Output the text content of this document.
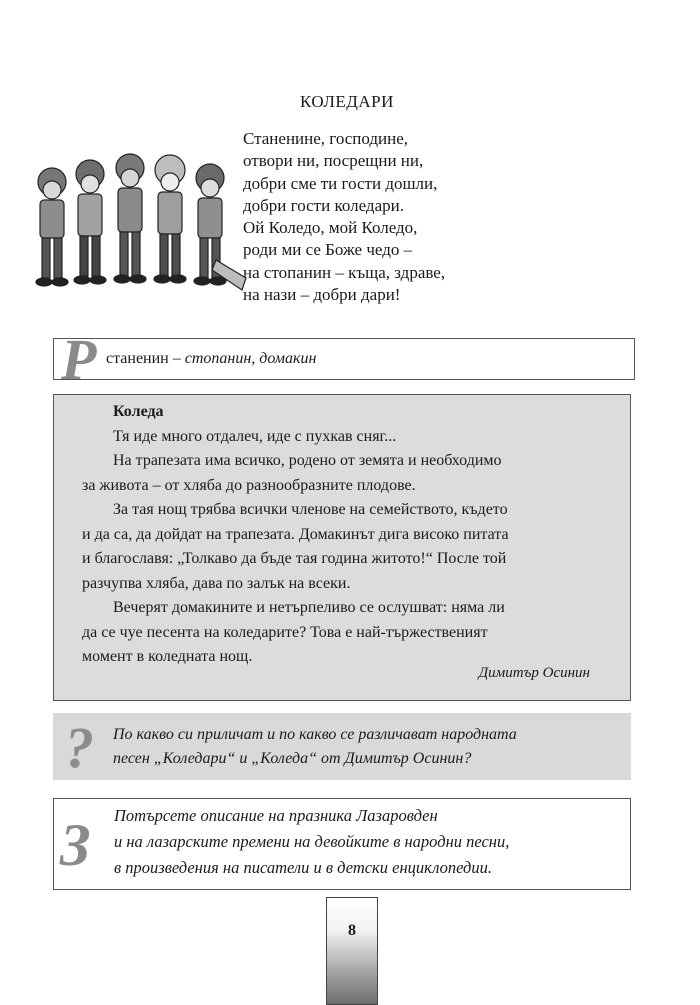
КОЛЕДАРИ
Станенине, господине,
отвори ни, посрещни ни,
добри сме ти гости дошли,
добри гости коледари.
Ой Коледо, мой Коледо,
роди ми се Боже чедо –
на стопанин – къща, здраве,
на нази – добри дари!
Р станенин – стопанин, домакин
Коледа
Тя иде много отдалеч, иде с пухкав сняг...
На трапезата има всичко, родено от земята и необходимо
за живота – от хляба до разнообразните плодове.
За тая нощ трябва всички членове на семейството, където
и да са, да дойдат на трапезата. Домакинът дига високо питата
и благославя: „Толкаво да бъде тая година житото!“ После той
разчупва хляба, дава по залък на всеки.
Вечерят домакините и нетърпеливо се ослушват: няма ли
да се чуе песента на коледарите? Това е най-тържественият
момент в коледната нощ.
Димитър Осинин
? По какво си приличат и по какво се различават народната
песен „Коледари“ и „Коледа“ от Димитър Осинин?
З Потърсете описание на празника Лазаровден
и на лазарските премени на девойките в народни песни,
в произведения на писатели и в детски енциклопедии.
8
